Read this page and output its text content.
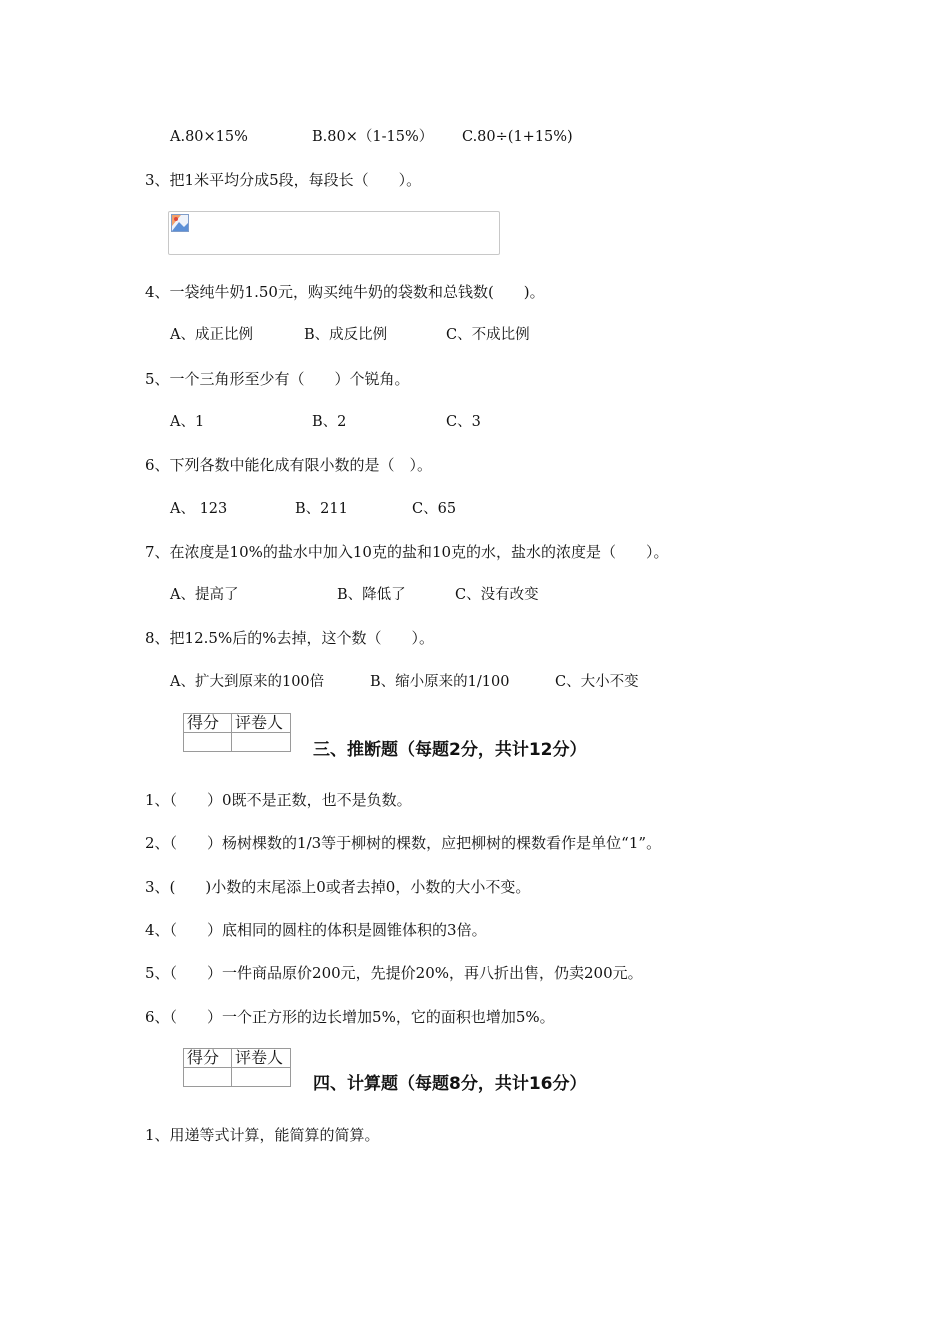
A.80×15%	B.80×（1-15%） C.80÷(1+15%)
3、把1米平均分成5段，每段长（　　）。
4、一袋纯牛奶1.50元，购买纯牛奶的袋数和总钱数(　　)。
A、成正比例	B、成反比例	C、不成比例
5、一个三角形至少有（　　）个锐角。
A、1	B、2	C、3
6、下列各数中能化成有限小数的是（　）。
A、 123	B、211	C、65
7、在浓度是10%的盐水中加入10克的盐和10克的水，盐水的浓度是（　　）。
A、提高了	B、降低了	C、没有改变
8、把12.5%后的%去掉，这个数（　　）。
A、扩大到原来的100倍	B、缩小原来的1/100	C、大小不变
得分	评卷人

三、推断题（每题2分，共计12分）
1、（　　）0既不是正数，也不是负数。
2、（　　）杨树棵数的1/3等于柳树的棵数，应把柳树的棵数看作是单位“1”。
3、(　　)小数的末尾添上0或者去掉0，小数的大小不变。
4、（　　）底相同的圆柱的体积是圆锥体积的3倍。
5、（　　）一件商品原价200元，先提价20%，再八折出售，仍卖200元。
6、（　　）一个正方形的边长增加5%，它的面积也增加5%。
得分	评卷人

四、计算题（每题8分，共计16分）
1、用递等式计算，能简算的简算。
